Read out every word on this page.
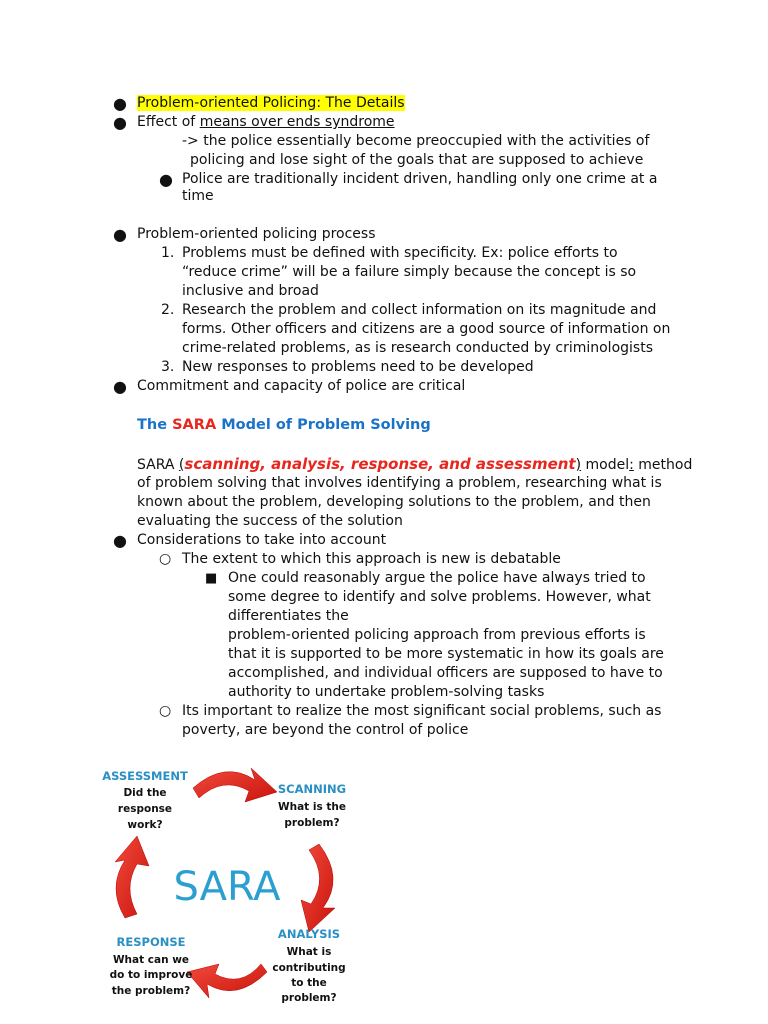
● Problem-oriented Policing: The Details
● Effect of means over ends syndrome
-> the police essentially become preoccupied with the activities of
policing and lose sight of the goals that are supposed to achieve
● Police are traditionally incident driven, handling only one crime at a
time
● Problem-oriented policing process
1. Problems must be defined with specificity. Ex: police efforts to
“reduce crime” will be a failure simply because the concept is so
inclusive and broad
2. Research the problem and collect information on its magnitude and
forms. Other officers and citizens are a good source of information on
crime-related problems, as is research conducted by criminologists
3. New responses to problems need to be developed
● Commitment and capacity of police are critical
The SARA Model of Problem Solving
SARA (scanning, analysis, response, and assessment) model: method
of problem solving that involves identifying a problem, researching what is
known about the problem, developing solutions to the problem, and then
evaluating the success of the solution
● Considerations to take into account
○ The extent to which this approach is new is debatable
■ One could reasonably argue the police have always tried to
some degree to identify and solve problems. However, what
differentiates the
problem-oriented policing approach from previous efforts is
that it is supported to be more systematic in how its goals are
accomplished, and individual officers are supposed to have to
authority to undertake problem-solving tasks
○ Its important to realize the most significant social problems, such as
poverty, are beyond the control of police
SARA
ASSESSMENT
Did the
response
work?
SCANNING
What is the
problem?
ANALYSIS
What is
contributing
to the
problem?
RESPONSE
What can we
do to improve
the problem?
